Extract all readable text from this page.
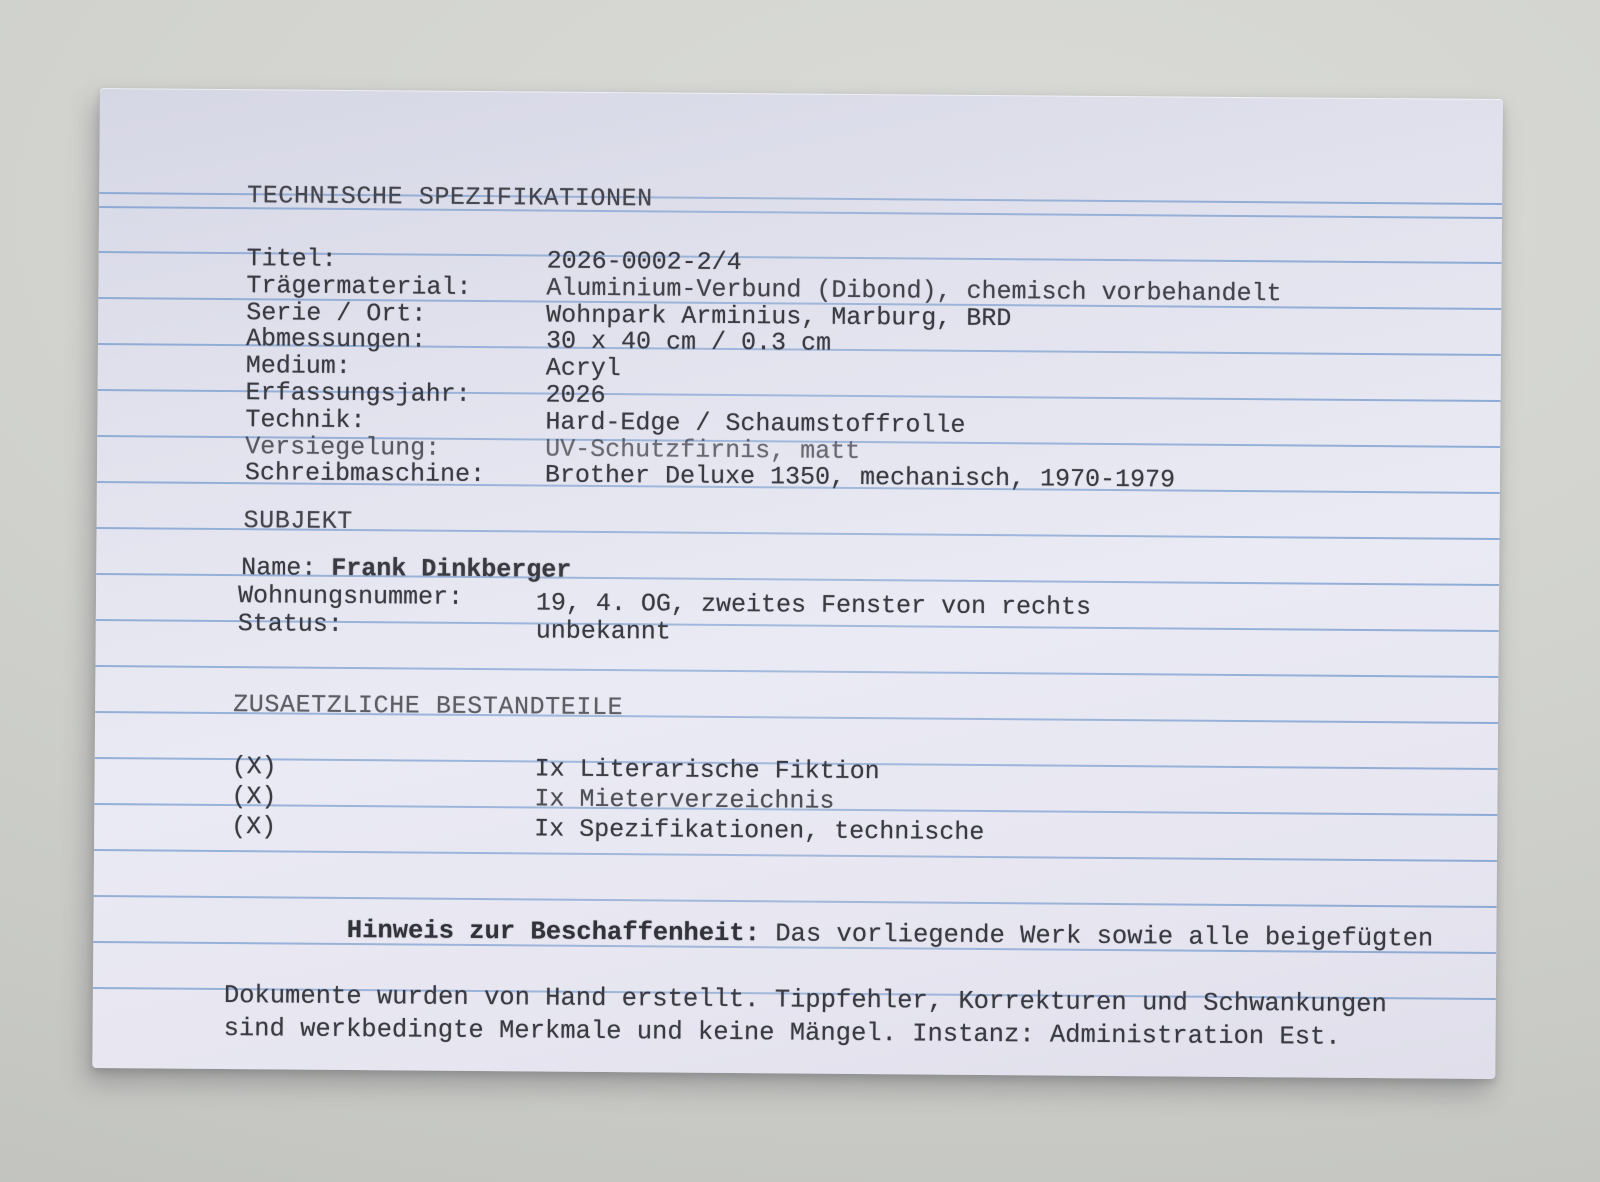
TECHNISCHE SPEZIFIKATIONEN
Titel:	2026-0002-2/4
Trägermaterial:	Aluminium-Verbund (Dibond), chemisch vorbehandelt
Serie / Ort:	Wohnpark Arminius, Marburg, BRD
Abmessungen:	30 x 40 cm / 0.3 cm
Medium:	Acryl
Erfassungsjahr:	2026
Technik:	Hard-Edge / Schaumstoffrolle
Versiegelung:	UV-Schutzfirnis, matt
Schreibmaschine:	Brother Deluxe 1350, mechanisch, 1970-1979
SUBJEKT
Name: Frank Dinkberger
Wohnungsnummer:	19, 4. OG, zweites Fenster von rechts
Status:	unbekannt
ZUSAETZLICHE BESTANDTEILE
(X)	Ix Literarische Fiktion
(X)	Ix Mieterverzeichnis
(X)	Ix Spezifikationen, technische

Hinweis zur Beschaffenheit: Das vorliegende Werk sowie alle beigefügten

Dokumente wurden von Hand erstellt. Tippfehler, Korrekturen und Schwankungen
sind werkbedingte Merkmale und keine Mängel. Instanz: Administration Est.
